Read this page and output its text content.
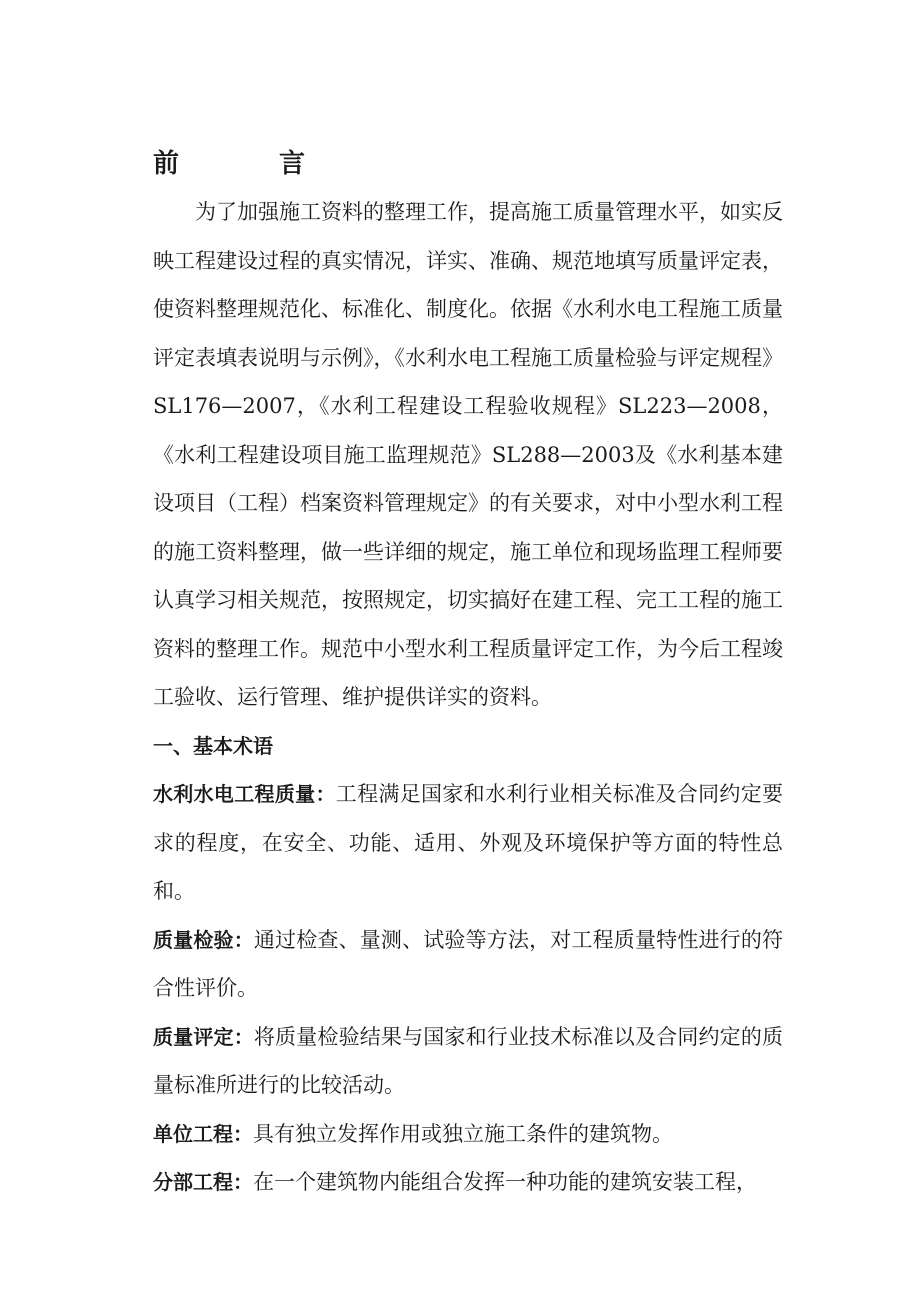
前	言

为了加强施工资料的整理工作，提高施工质量管理水平，如实反映工程建设过程的真实情况，详实、准确、规范地填写质量评定表，使资料整理规范化、标准化、制度化。依据《水利水电工程施工质量评定表填表说明与示例》，《水利水电工程施工质量检验与评定规程》SL176—2007，《水利工程建设工程验收规程》SL223—2008，《水利工程建设项目施工监理规范》SL288—2003及《水利基本建设项目（工程）档案资料管理规定》的有关要求，对中小型水利工程的施工资料整理，做一些详细的规定，施工单位和现场监理工程师要认真学习相关规范，按照规定，切实搞好在建工程、完工工程的施工资料的整理工作。规范中小型水利工程质量评定工作，为今后工程竣工验收、运行管理、维护提供详实的资料。

一、基本术语

水利水电工程质量：工程满足国家和水利行业相关标准及合同约定要求的程度，在安全、功能、适用、外观及环境保护等方面的特性总和。

质量检验：通过检查、量测、试验等方法，对工程质量特性进行的符合性评价。

质量评定：将质量检验结果与国家和行业技术标准以及合同约定的质量标准所进行的比较活动。

单位工程：具有独立发挥作用或独立施工条件的建筑物。

分部工程：在一个建筑物内能组合发挥一种功能的建筑安装工程，
